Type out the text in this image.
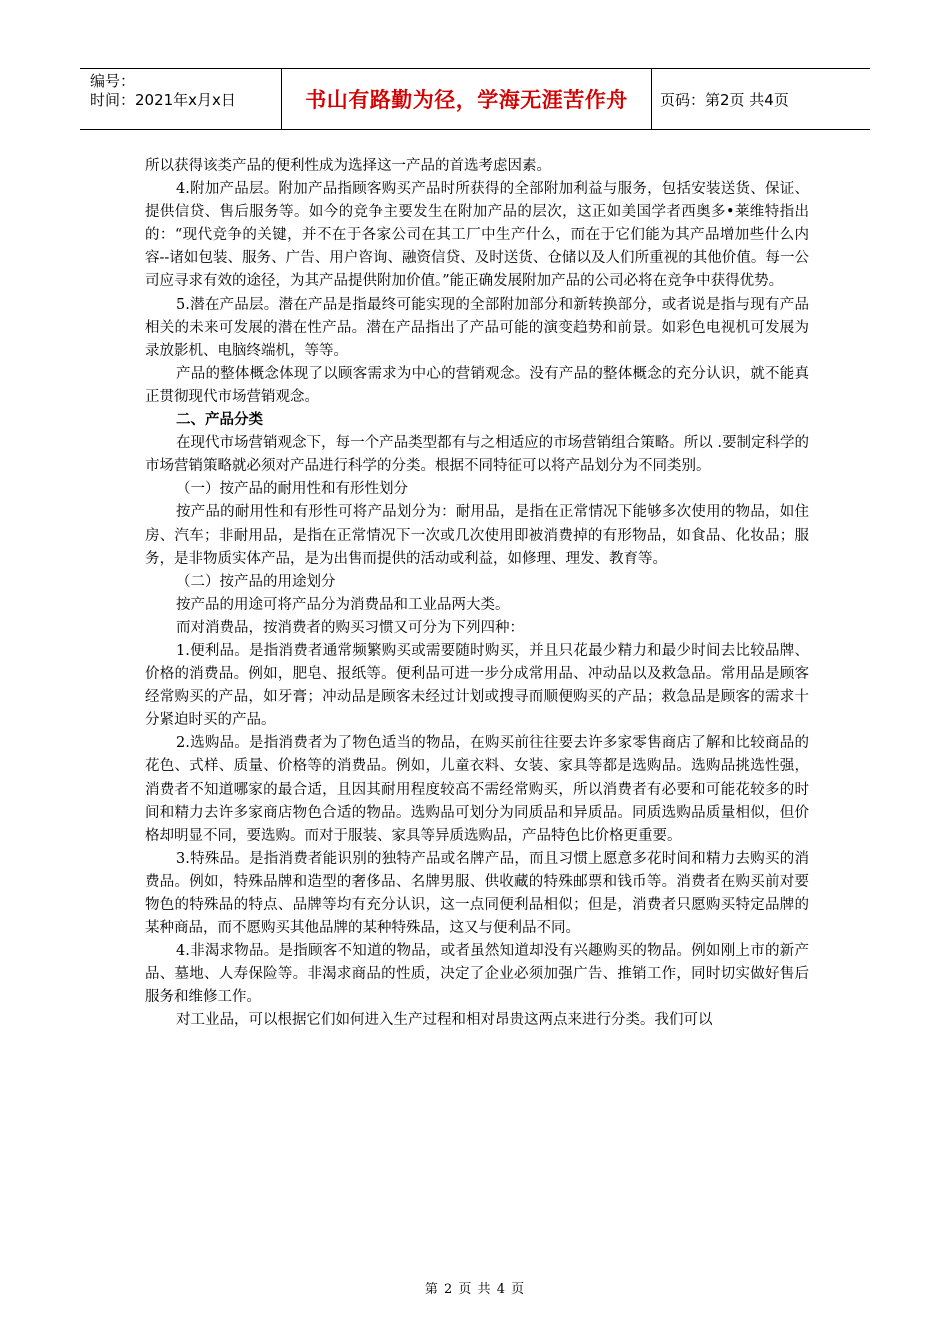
编号：
时间：2021年x月x日	书山有路勤为径，学海无涯苦作舟	页码：第2页 共4页

所以获得该类产品的便利性成为选择这一产品的首选考虑因素。

4.附加产品层。附加产品指顾客购买产品时所获得的全部附加利益与服务，包括安装送货、保证、提供信贷、售后服务等。如今的竞争主要发生在附加产品的层次，这正如美国学者西奥多•莱维特指出的：“现代竞争的关键，并不在于各家公司在其工厂中生产什么，而在于它们能为其产品增加些什么内容--诸如包装、服务、广告、用户咨询、融资信贷、及时送货、仓储以及人们所重视的其他价值。每一公司应寻求有效的途径，为其产品提供附加价值。”能正确发展附加产品的公司必将在竞争中获得优势。

5.潜在产品层。潜在产品是指最终可能实现的全部附加部分和新转换部分，或者说是指与现有产品相关的未来可发展的潜在性产品。潜在产品指出了产品可能的演变趋势和前景。如彩色电视机可发展为录放影机、电脑终端机，等等。

产品的整体概念体现了以顾客需求为中心的营销观念。没有产品的整体概念的充分认识，就不能真正贯彻现代市场营销观念。

二、产品分类

在现代市场营销观念下，每一个产品类型都有与之相适应的市场营销组合策略。所以 .要制定科学的市场营销策略就必须对产品进行科学的分类。根据不同特征可以将产品划分为不同类别。

（一）按产品的耐用性和有形性划分

按产品的耐用性和有形性可将产品划分为：耐用品，是指在正常情况下能够多次使用的物品，如住房、汽车；非耐用品，是指在正常情况下一次或几次使用即被消费掉的有形物品，如食品、化妆品；服务，是非物质实体产品，是为出售而提供的活动或利益，如修理、理发、教育等。

（二）按产品的用途划分

按产品的用途可将产品分为消费品和工业品两大类。

而对消费品，按消费者的购买习惯又可分为下列四种：

1.便利品。是指消费者通常频繁购买或需要随时购买，并且只花最少精力和最少时间去比较品牌、价格的消费品。例如，肥皂、报纸等。便利品可进一步分成常用品、冲动品以及救急品。常用品是顾客经常购买的产品，如牙膏；冲动品是顾客未经过计划或搜寻而顺便购买的产品；救急品是顾客的需求十分紧迫时买的产品。

2.选购品。是指消费者为了物色适当的物品，在购买前往往要去许多家零售商店了解和比较商品的花色、式样、质量、价格等的消费品。例如，儿童衣料、女装、家具等都是选购品。选购品挑选性强，消费者不知道哪家的最合适，且因其耐用程度较高不需经常购买，所以消费者有必要和可能花较多的时间和精力去许多家商店物色合适的物品。选购品可划分为同质品和异质品。同质选购品质量相似，但价格却明显不同，要选购。而对于服装、家具等异质选购品，产品特色比价格更重要。

3.特殊品。是指消费者能识别的独特产品或名牌产品，而且习惯上愿意多花时间和精力去购买的消费品。例如，特殊品牌和造型的奢侈品、名牌男服、供收藏的特殊邮票和钱币等。消费者在购买前对要物色的特殊品的特点、品牌等均有充分认识，这一点同便利品相似；但是，消费者只愿购买特定品牌的某种商品，而不愿购买其他品牌的某种特殊品，这又与便利品不同。

4.非渴求物品。是指顾客不知道的物品，或者虽然知道却没有兴趣购买的物品。例如刚上市的新产品、墓地、人寿保险等。非渴求商品的性质，决定了企业必须加强广告、推销工作，同时切实做好售后服务和维修工作。

对工业品，可以根据它们如何进入生产过程和相对昂贵这两点来进行分类。我们可以

第 2 页 共 4 页
